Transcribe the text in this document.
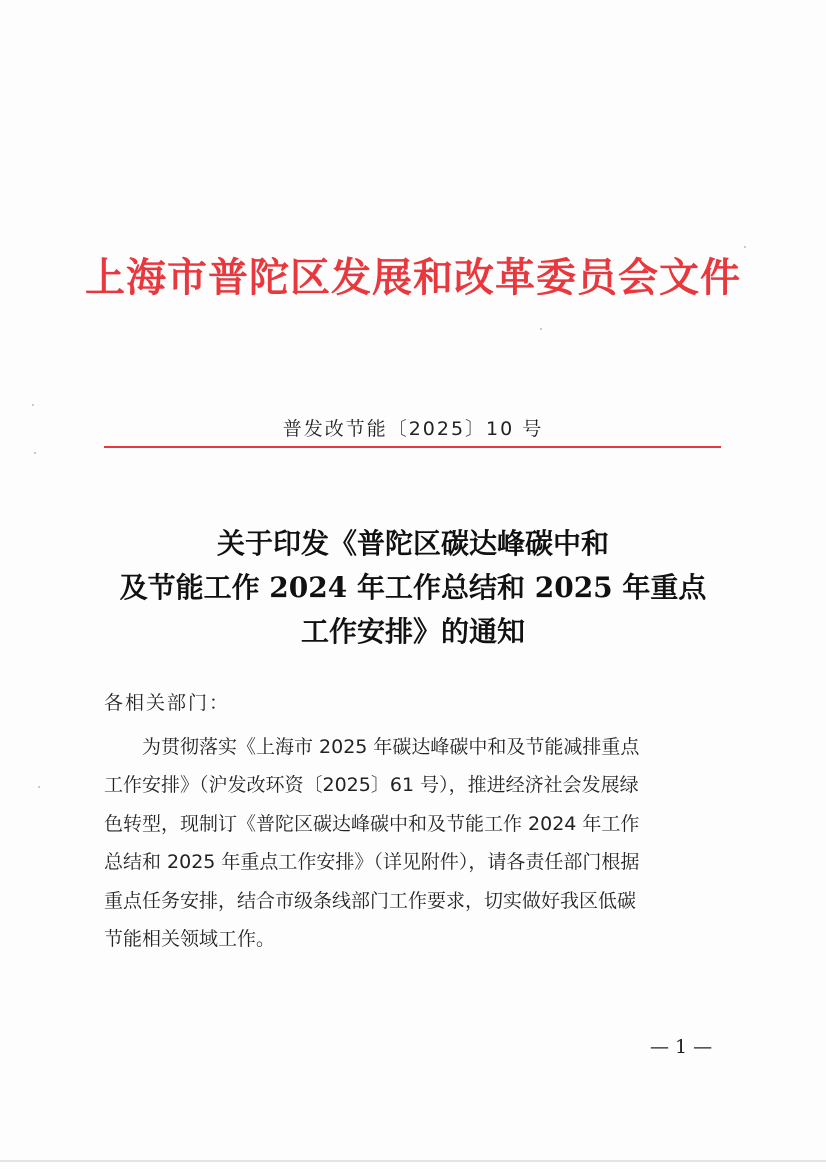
上海市普陀区发展和改革委员会文件
普发改节能〔2025〕10 号
关于印发《普陀区碳达峰碳中和
及节能工作 2024 年工作总结和 2025 年重点
工作安排》的通知
各相关部门：
　　为贯彻落实《上海市 2025 年碳达峰碳中和及节能减排重点
工作安排》（沪发改环资〔2025〕61 号），推进经济社会发展绿
色转型，现制订《普陀区碳达峰碳中和及节能工作 2024 年工作
总结和 2025 年重点工作安排》（详见附件），请各责任部门根据
重点任务安排，结合市级条线部门工作要求，切实做好我区低碳
节能相关领域工作。
— 1 —
